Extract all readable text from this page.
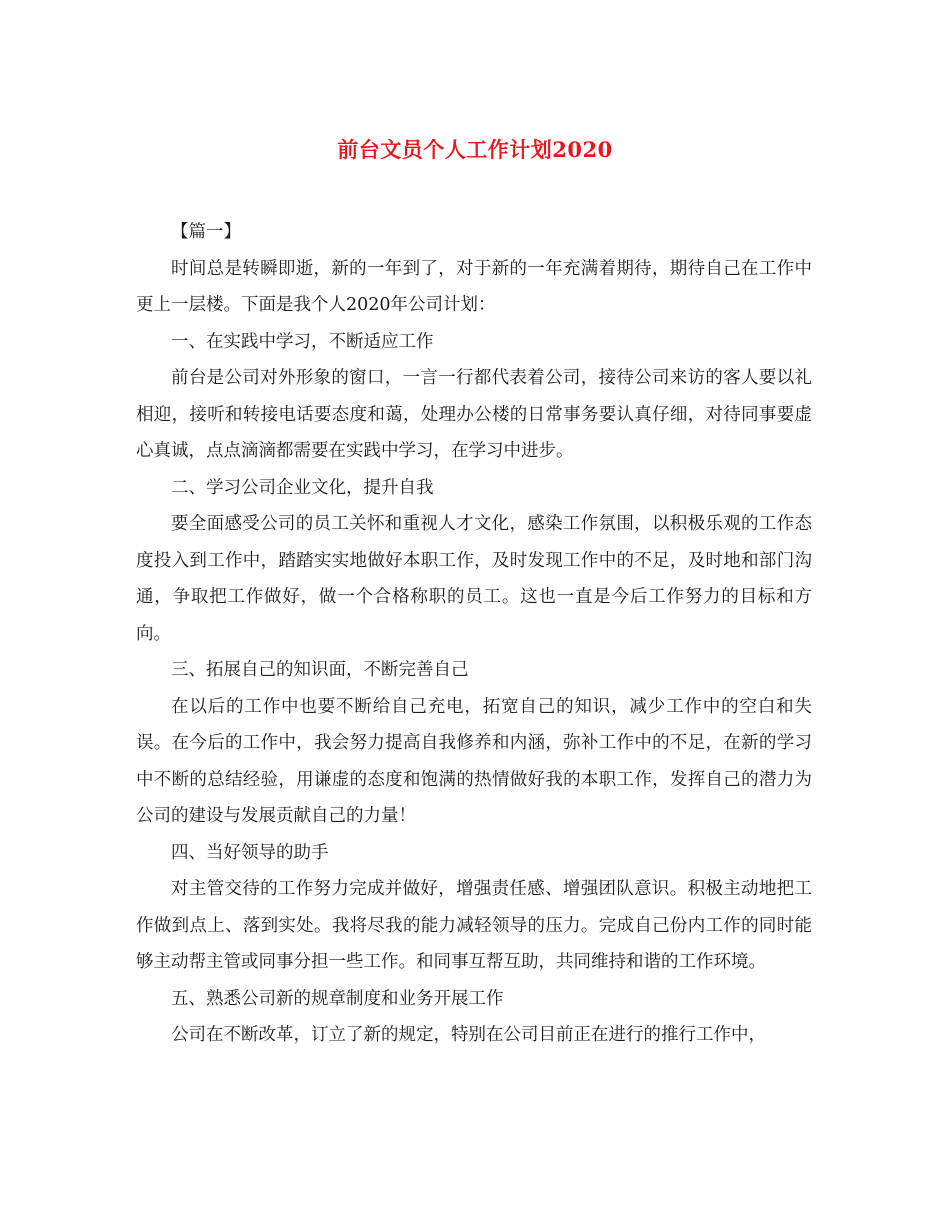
前台文员个人工作计划2020

【篇一】

时间总是转瞬即逝，新的一年到了，对于新的一年充满着期待，期待自己在工作中更上一层楼。下面是我个人2020年公司计划：

一、在实践中学习，不断适应工作

前台是公司对外形象的窗口，一言一行都代表着公司，接待公司来访的客人要以礼相迎，接听和转接电话要态度和蔼，处理办公楼的日常事务要认真仔细，对待同事要虚心真诚，点点滴滴都需要在实践中学习，在学习中进步。

二、学习公司企业文化，提升自我

要全面感受公司的员工关怀和重视人才文化，感染工作氛围，以积极乐观的工作态度投入到工作中，踏踏实实地做好本职工作，及时发现工作中的不足，及时地和部门沟通，争取把工作做好，做一个合格称职的员工。这也一直是今后工作努力的目标和方向。

三、拓展自己的知识面，不断完善自己

在以后的工作中也要不断给自己充电，拓宽自己的知识，减少工作中的空白和失误。在今后的工作中，我会努力提高自我修养和内涵，弥补工作中的不足，在新的学习中不断的总结经验，用谦虚的态度和饱满的热情做好我的本职工作，发挥自己的潜力为公司的建设与发展贡献自己的力量！

四、当好领导的助手

对主管交待的工作努力完成并做好，增强责任感、增强团队意识。积极主动地把工作做到点上、落到实处。我将尽我的能力减轻领导的压力。完成自己份内工作的同时能够主动帮主管或同事分担一些工作。和同事互帮互助，共同维持和谐的工作环境。

五、熟悉公司新的规章制度和业务开展工作

公司在不断改革，订立了新的规定，特别在公司目前正在进行的推行工作中，
